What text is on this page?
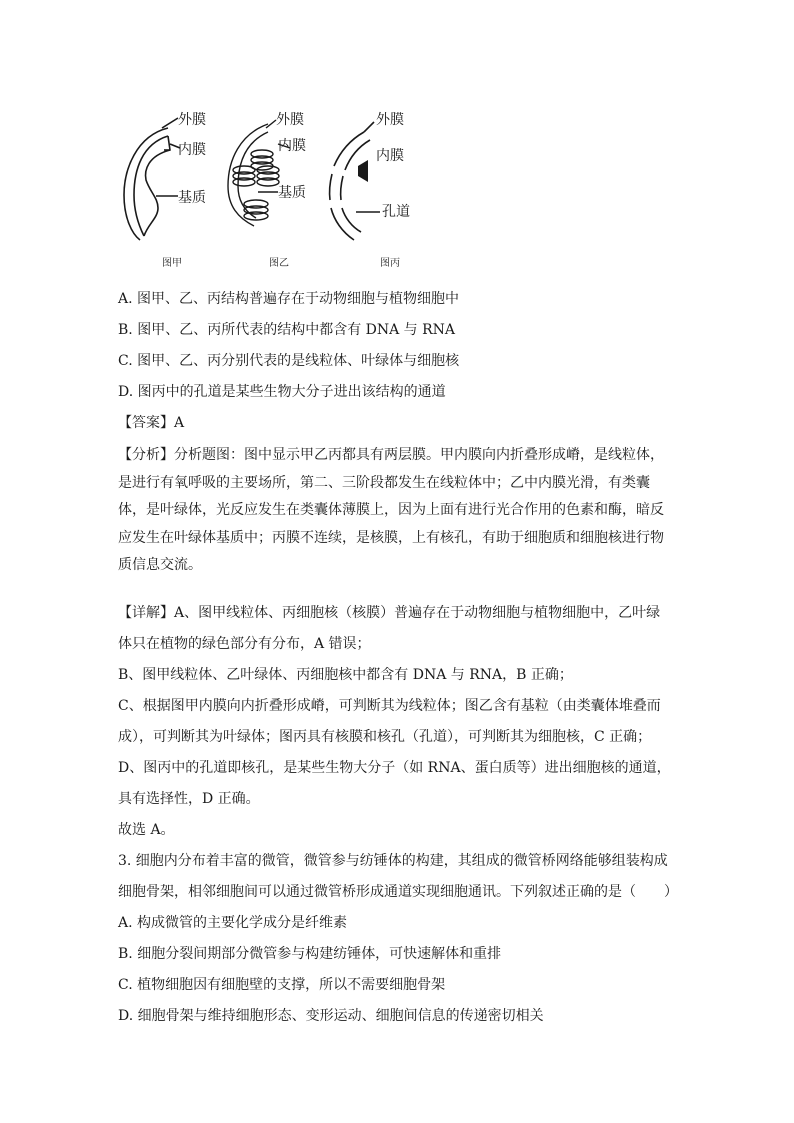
外膜
内膜
基质
图甲
外膜
内膜
基质
图乙
外膜
内膜
孔道
图丙

A. 图甲、乙、丙结构普遍存在于动物细胞与植物细胞中

B. 图甲、乙、丙所代表的结构中都含有 DNA 与 RNA

C. 图甲、乙、丙分别代表的是线粒体、叶绿体与细胞核

D. 图丙中的孔道是某些生物大分子进出该结构的通道

【答案】A

【分析】分析题图：图中显示甲乙丙都具有两层膜。甲内膜向内折叠形成嵴，是线粒体，

是进行有氧呼吸的主要场所，第二、三阶段都发生在线粒体中；乙中内膜光滑，有类囊

体，是叶绿体，光反应发生在类囊体薄膜上，因为上面有进行光合作用的色素和酶，暗反

应发生在叶绿体基质中；丙膜不连续，是核膜，上有核孔，有助于细胞质和细胞核进行物

质信息交流。

【详解】A、图甲线粒体、丙细胞核（核膜）普遍存在于动物细胞与植物细胞中，乙叶绿

体只在植物的绿色部分有分布，A 错误；

B、图甲线粒体、乙叶绿体、丙细胞核中都含有 DNA 与 RNA，B 正确；

C、根据图甲内膜向内折叠形成嵴，可判断其为线粒体；图乙含有基粒（由类囊体堆叠而

成），可判断其为叶绿体；图丙具有核膜和核孔（孔道），可判断其为细胞核，C 正确；

D、图丙中的孔道即核孔，是某些生物大分子（如 RNA、蛋白质等）进出细胞核的通道，

具有选择性，D 正确。

故选 A。

3. 细胞内分布着丰富的微管，微管参与纺锤体的构建，其组成的微管桥网络能够组装构成

细胞骨架，相邻细胞间可以通过微管桥形成通道实现细胞通讯。下列叙述正确的是（　　）

A. 构成微管的主要化学成分是纤维素

B. 细胞分裂间期部分微管参与构建纺锤体，可快速解体和重排

C. 植物细胞因有细胞壁的支撑，所以不需要细胞骨架

D. 细胞骨架与维持细胞形态、变形运动、细胞间信息的传递密切相关
